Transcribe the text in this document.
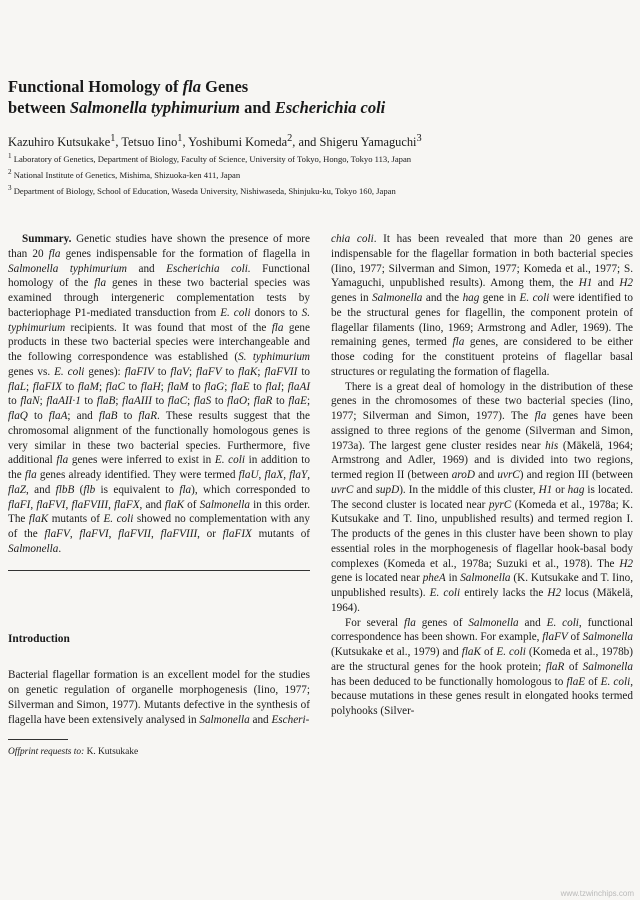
Functional Homology of fla Genes
between Salmonella typhimurium and Escherichia coli
Kazuhiro Kutsukake$^1$, Tetsuo Iino$^1$, Yoshibumi Komeda$^2$, and Shigeru Yamaguchi$^3$
$^1$ Laboratory of Genetics, Department of Biology, Faculty of Science, University of Tokyo, Hongo, Tokyo 113, Japan
$^2$ National Institute of Genetics, Mishima, Shizuoka-ken 411, Japan
$^3$ Department of Biology, School of Education, Waseda University, Nishiwaseda, Shinjuku-ku, Tokyo 160, Japan

Summary. Genetic studies have shown the presence of more than 20 fla genes indispensable for the formation of flagella in Salmonella typhimurium and Escherichia coli. Functional homology of the fla genes in these two bacterial species was examined through intergeneric complementation tests by bacteriophage P1-mediated transduction from E. coli donors to S. typhimurium recipients. It was found that most of the fla gene products in these two bacterial species were interchangeable and the following correspondence was established (S. typhimurium genes vs. E. coli genes): flaFIV to flaV; flaFV to flaK; flaFVII to flaL; flaFIX to flaM; flaC to flaH; flaM to flaG; flaE to flaI; flaAI to flaN; flaAII·1 to flaB; flaAIII to flaC; flaS to flaO; flaR to flaE; flaQ to flaA; and flaB to flaR. These results suggest that the chromosomal alignment of the functionally homologous genes is very similar in these two bacterial species. Furthermore, five additional fla genes were inferred to exist in E. coli in addition to the fla genes already identified. They were termed flaU, flaX, flaY, flaZ, and flbB (flb is equivalent to fla), which corresponded to flaFI, flaFVI, flaFVIII, flaFX, and flaK of Salmonella in this order. The flaK mutants of E. coli showed no complementation with any of the flaFV, flaFVI, flaFVII, flaFVIII, or flaFIX mutants of Salmonella.

Introduction

Bacterial flagellar formation is an excellent model for the studies on genetic regulation of organelle morphogenesis (Iino, 1977; Silverman and Simon, 1977). Mutants defective in the synthesis of flagella have been extensively analysed in Salmonella and Escheri-

Offprint requests to: K. Kutsukake

chia coli. It has been revealed that more than 20 genes are indispensable for the flagellar formation in both bacterial species (Iino, 1977; Silverman and Simon, 1977; Komeda et al., 1977; S. Yamaguchi, unpublished results). Among them, the H1 and H2 genes in Salmonella and the hag gene in E. coli were identified to be the structural genes for flagellin, the component protein of flagellar filaments (Iino, 1969; Armstrong and Adler, 1969). The remaining genes, termed fla genes, are considered to be either those coding for the constituent proteins of flagellar basal structures or regulating the formation of flagella.

There is a great deal of homology in the distribution of these genes in the chromosomes of these two bacterial species (Iino, 1977; Silverman and Simon, 1977). The fla genes have been assigned to three regions of the genome (Silverman and Simon, 1973a). The largest gene cluster resides near his (Mäkelä, 1964; Armstrong and Adler, 1969) and is divided into two regions, termed region II (between aroD and uvrC) and region III (between uvrC and supD). In the middle of this cluster, H1 or hag is located. The second cluster is located near pyrC (Komeda et al., 1978a; K. Kutsukake and T. Iino, unpublished results) and termed region I. The products of the genes in this cluster have been shown to play essential roles in the morphogenesis of flagellar hook-basal body complexes (Komeda et al., 1978a; Suzuki et al., 1978). The H2 gene is located near pheA in Salmonella (K. Kutsukake and T. Iino, unpublished results). E. coli entirely lacks the H2 locus (Mäkelä, 1964).

For several fla genes of Salmonella and E. coli, functional correspondence has been shown. For example, flaFV of Salmonella (Kutsukake et al., 1979) and flaK of E. coli (Komeda et al., 1978b) are the structural genes for the hook protein; flaR of Salmonella has been deduced to be functionally homologous to flaE of E. coli, because mutations in these genes result in elongated hooks termed polyhooks (Silver-

www.tzwinchips.com
